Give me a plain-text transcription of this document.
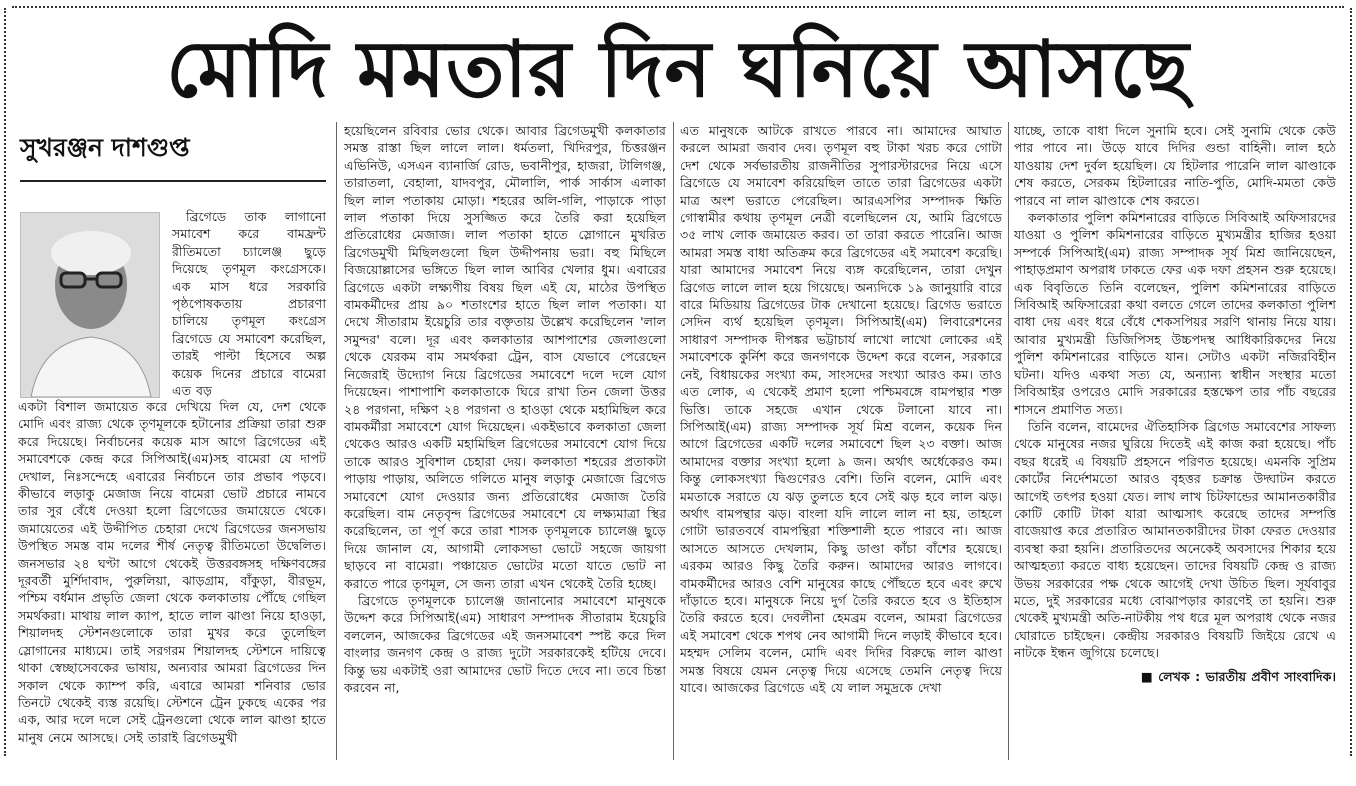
মোদি মমতার দিন ঘনিয়ে আসছে
সুখরঞ্জন দাশগুপ্ত

ব্রিগেডে তাক লাগানো সমাবেশ করে বামফ্রন্ট রীতিমতো চ্যালেঞ্জ ছুড়ে দিয়েছে তৃণমূল কংগ্রেসকে। এক মাস ধরে সরকারি পৃষ্ঠপোষকতায় প্রচারণা চালিয়ে তৃণমূল কংগ্রেস ব্রিগেডে যে সমাবেশ করেছিল, তারই পাল্টা হিসেবে অল্প কয়েক দিনের প্রচারে বামেরা এত বড়

একটা বিশাল জমায়েত করে দেখিয়ে দিল যে, দেশ থেকে মোদি এবং রাজ্য থেকে তৃণমূলকে হটানোর প্রক্রিয়া তারা শুরু করে দিয়েছে। নির্বাচনের কয়েক মাস আগে ব্রিগেডের এই সমাবেশকে কেন্দ্র করে সিপিআই(এম)সহ বামেরা যে দাপট দেখাল, নিঃসন্দেহে এবারের নির্বাচনে তার প্রভাব পড়বে। কীভাবে লড়াকু মেজাজ নিয়ে বামেরা ভোট প্রচারে নামবে তার সুর বেঁধে দেওয়া হলো ব্রিগেডের জমায়েতে থেকে। জমায়েতের এই উদ্দীপিত চেহারা দেখে ব্রিগেডের জনসভায় উপস্থিত সমস্ত বাম দলের শীর্ষ নেতৃত্ব রীতিমতো উদ্বেলিত। জনসভার ২৪ ঘণ্টা আগে থেকেই উত্তরবঙ্গসহ দক্ষিণবঙ্গের দূরবর্তী মুর্শিদাবাদ, পুরুলিয়া, ঝাড়গ্রাম, বাঁকুড়া, বীরভূম, পশ্চিম বর্ধমান প্রভৃতি জেলা থেকে কলকাতায় পৌঁছে গেছিল সমর্থকরা। মাথায় লাল ক্যাপ, হাতে লাল ঝাণ্ডা নিয়ে হাওড়া, শিয়ালদহ স্টেশনগুলোকে তারা মুখর করে তুলেছিল স্লোগানের মাধ্যমে। তাই সরগরম শিয়ালদহ স্টেশনে দায়িত্বে থাকা স্বেচ্ছাসেবকের ভাষায়, অন্যবার আমরা ব্রিগেডের দিন সকাল থেকে ক্যাম্প করি, এবারে আমরা শনিবার ভোর তিনটে থেকেই ব্যস্ত রয়েছি। স্টেশনে ট্রেন ঢুকছে একের পর এক, আর দলে দলে সেই ট্রেনগুলো থেকে লাল ঝাণ্ডা হাতে মানুষ নেমে আসছে। সেই তারাই ব্রিগেডমুখী

হয়েছিলেন রবিবার ভোর থেকে। আবার ব্রিগেডমুখী কলকাতার সমস্ত রাস্তা ছিল লালে লাল। ধর্মতলা, খিদিরপুর, চিত্তরঞ্জন এভিনিউ, এসএন ব্যানার্জি রোড, ভবানীপুর, হাজরা, টালিগঞ্জ, তারাতলা, বেহালা, যাদবপুর, মৌলালি, পার্ক সার্কাস এলাকা ছিল লাল পতাকায় মোড়া। শহরের অলি-গলি, পাড়াকে পাড়া লাল পতাকা দিয়ে সুসজ্জিত করে তৈরি করা হয়েছিল প্রতিরোধের মেজাজ। লাল পতাকা হাতে স্লোগানে মুখরিত ব্রিগেডমুখী মিছিলগুলো ছিল উদ্দীপনায় ভরা। বহু মিছিলে বিজয়োল্লাসের ভঙ্গিতে ছিল লাল আবির খেলার ধুম। এবারের ব্রিগেডে একটা লক্ষ্যণীয় বিষয় ছিল এই যে, মাঠের উপস্থিত বামকর্মীদের প্রায় ৯০ শতাংশের হাতে ছিল লাল পতাকা। যা দেখে সীতারাম ইয়েচুরি তার বক্তৃতায় উল্লেখ করেছিলেন 'লাল সমুন্দর' বলে। দূর এবং কলকাতার আশপাশের জেলাগুলো থেকে যেরকম বাম সমর্থকরা ট্রেন, বাস যেভাবে পেরেছেন নিজেরাই উদ্যোগ নিয়ে ব্রিগেডের সমাবেশে দলে দলে যোগ দিয়েছেন। পাশাপাশি কলকাতাকে ঘিরে রাখা তিন জেলা উত্তর ২৪ পরগনা, দক্ষিণ ২৪ পরগনা ও হাওড়া থেকে মহামিছিল করে বামকর্মীরা সমাবেশে যোগ দিয়েছেন। একইভাবে কলকাতা জেলা থেকেও আরও একটি মহামিছিল ব্রিগেডের সমাবেশে যোগ দিয়ে তাকে আরও সুবিশাল চেহারা দেয়। কলকাতা শহরের প্রতাকটা পাড়ায় পাড়ায়, অলিতে গলিতে মানুষ লড়াকু মেজাজে ব্রিগেড সমাবেশে যোগ দেওয়ার জন্য প্রতিরোধের মেজাজ তৈরি করেছিল। বাম নেতৃবৃন্দ ব্রিগেডের সমাবেশে যে লক্ষ্যমাত্রা স্থির করেছিলেন, তা পূর্ণ করে তারা শাসক তৃণমূলকে চ্যালেঞ্জ ছুড়ে দিয়ে জানাল যে, আগামী লোকসভা ভোটে সহজে জায়গা ছাড়বে না বামেরা। পঞ্চায়েত ভোটের মতো যাতে ভোট না করাতে পারে তৃণমূল, সে জন্য তারা এখন থেকেই তৈরি হচ্ছে।

ব্রিগেডে তৃণমূলকে চ্যালেঞ্জ জানানোর সমাবেশে মানুষকে উদ্দেশ করে সিপিআই(এম) সাধারণ সম্পাদক সীতারাম ইয়েচুরি বললেন, আজকের ব্রিগেডের এই জনসমাবেশ স্পষ্ট করে দিল বাংলার জনগণ কেন্দ্র ও রাজ্য দুটো সরকারকেই হটিয়ে দেবে। কিন্তু ভয় একটাই ওরা আমাদের ভোট দিতে দেবে না। তবে চিন্তা করবেন না,

এত মানুষকে আটকে রাখতে পারবে না। আমাদের আঘাত করলে আমরা জবাব দেব। তৃণমূল বহু টাকা খরচ করে গোটা দেশ থেকে সর্বভারতীয় রাজনীতির সুপারস্টারদের নিয়ে এসে ব্রিগেডে যে সমাবেশ করিয়েছিল তাতে তারা ব্রিগেডের একটা মাত্র অংশ ভরাতে পেরেছিল। আরএসপির সম্পাদক ক্ষিতি গোস্বামীর কথায় তৃণমূল নেত্রী বলেছিলেন যে, আমি ব্রিগেডে ৩৫ লাখ লোক জমায়েত করব। তা তারা করতে পারেনি। আজ আমরা সমস্ত বাধা অতিক্রম করে ব্রিগেডের এই সমাবেশ করেছি। যারা আমাদের সমাবেশ নিয়ে ব্যঙ্গ করেছিলেন, তারা দেখুন ব্রিগেড লালে লাল হয়ে গিয়েছে। অন্যদিকে ১৯ জানুয়ারি বারে বারে মিডিয়ায় ব্রিগেডের টাক দেখানো হয়েছে। ব্রিগেড ভরাতে সেদিন ব্যর্থ হয়েছিল তৃণমূল। সিপিআই(এম) লিবারেশনের সাধারণ সম্পাদক দীপঙ্কর ভট্টাচার্য লাখো লাখো লোকের এই সমাবেশকে কুর্নিশ করে জনগণকে উদ্দেশ করে বলেন, সরকারে নেই, বিধায়কের সংখ্যা কম, সাংসদের সংখ্যা আরও কম। তাও এত লোক, এ থেকেই প্রমাণ হলো পশ্চিমবঙ্গে বামপন্থার শক্ত ভিত্তি। তাকে সহজে এখান থেকে টলানো যাবে না। সিপিআই(এম) রাজ্য সম্পাদক সূর্য মিশ্র বলেন, কয়েক দিন আগে ব্রিগেডের একটি দলের সমাবেশে ছিল ২৩ বক্তা। আজ আমাদের বক্তার সংখ্যা হলো ৯ জন। অর্থাৎ অর্ধেকেরও কম। কিন্তু লোকসংখ্যা দ্বিগুণেরও বেশি। তিনি বলেন, মোদি এবং মমতাকে সরাতে যে ঝড় তুলতে হবে সেই ঝড় হবে লাল ঝড়। অর্থাৎ বামপন্থার ঝড়। বাংলা যদি লালে লাল না হয়, তাহলে গোটা ভারতবর্ষে বামপন্থিরা শক্তিশালী হতে পারবে না। আজ আসতে আসতে দেখলাম, কিছু ডাণ্ডা কাঁচা বাঁশের হয়েছে। এরকম আরও কিছু তৈরি করুন। আমাদের আরও লাগবে। বামকর্মীদের আরও বেশি মানুষের কাছে পৌঁছতে হবে এবং রুখে দাঁড়াতে হবে। মানুষকে নিয়ে দুর্গ তৈরি করতে হবে ও ইতিহাস তৈরি করতে হবে। দেবলীনা হেমব্রম বলেন, আমরা ব্রিগেডের এই সমাবেশ থেকে শপথ নেব আগামী দিনে লড়াই কীভাবে হবে। মহম্মদ সেলিম বলেন, মোদি এবং দিদির বিরুদ্ধে লাল ঝাণ্ডা সমস্ত বিষয়ে যেমন নেতৃত্ব দিয়ে এসেছে তেমনি নেতৃত্ব দিয়ে যাবে। আজকের ব্রিগেডে এই যে লাল সমুদ্রকে দেখা

যাচ্ছে, তাকে বাধা দিলে সুনামি হবে। সেই সুনামি থেকে কেউ পার পাবে না। উড়ে যাবে দিদির গুন্ডা বাহিনী। লাল হঠে যাওয়ায় দেশ দুর্বল হয়েছিল। যে হিটলার পারেনি লাল ঝাণ্ডাকে শেষ করতে, সেরকম হিটলারের নাতি-পুতি, মোদি-মমতা কেউ পারবে না লাল ঝাণ্ডাকে শেষ করতে।

কলকাতার পুলিশ কমিশনারের বাড়িতে সিবিআই অফিসারদের যাওয়া ও পুলিশ কমিশনারের বাড়িতে মুখ্যমন্ত্রীর হাজির হওয়া সম্পর্কে সিপিআই(এম) রাজ্য সম্পাদক সূর্য মিশ্র জানিয়েছেন, পাহাড়প্রমাণ অপরাধ ঢাকতে ফের এক দফা প্রহসন শুরু হয়েছে। এক বিবৃতিতে তিনি বলেছেন, পুলিশ কমিশনারের বাড়িতে সিবিআই অফিসারেরা কথা বলতে গেলে তাদের কলকাতা পুলিশ বাধা দেয় এবং ধরে বেঁধে শেকসপিয়র সরণি থানায় নিয়ে যায়। আবার মুখ্যমন্ত্রী ডিজিপিসহ উচ্চপদস্থ আধিকারিকদের নিয়ে পুলিশ কমিশনারের বাড়িতে যান। সেটাও একটা নজিরবিহীন ঘটনা। যদিও একথা সত্য যে, অন্যান্য স্বাধীন সংস্থার মতো সিবিআইর ওপরেও মোদি সরকারের হস্তক্ষেপ তার পাঁচ বছরের শাসনে প্রমাণিত সত্য।

তিনি বলেন, বামেদের ঐতিহাসিক ব্রিগেড সমাবেশের সাফল্য থেকে মানুষের নজর ঘুরিয়ে দিতেই এই কাজ করা হয়েছে। পাঁচ বছর ধরেই এ বিষয়টি প্রহসনে পরিণত হয়েছে। এমনকি সুপ্রিম কোর্টের নির্দেশমতো আরও বৃহত্তর চক্রান্ত উদ্ঘাটন করতে আগেই তৎপর হওয়া যেত। লাখ লাখ চিটফান্ডের আমানতকারীর কোটি কোটি টাকা যারা আত্মসাৎ করেছে তাদের সম্পত্তি বাজেয়াপ্ত করে প্রতারিত আমানতকারীদের টাকা ফেরত দেওয়ার ব্যবস্থা করা হয়নি। প্রতারিতদের অনেকেই অবসাদের শিকার হয়ে আত্মহত্যা করতে বাধ্য হয়েছেন। তাদের বিষয়টি কেন্দ্র ও রাজ্য উভয় সরকারের পক্ষ থেকে আগেই দেখা উচিত ছিল। সূর্যবাবুর মতে, দুই সরকারের মধ্যে বোঝাপড়ার কারণেই তা হয়নি। শুরু থেকেই মুখ্যমন্ত্রী অতি-নাটকীয় পথ ধরে মূল অপরাধ থেকে নজর ঘোরাতে চাইছেন। কেন্দ্রীয় সরকারও বিষয়টি জিইয়ে রেখে এ নাটকে ইন্ধন জুগিয়ে চলেছে।

■ লেখক : ভারতীয় প্রবীণ সাংবাদিক।
